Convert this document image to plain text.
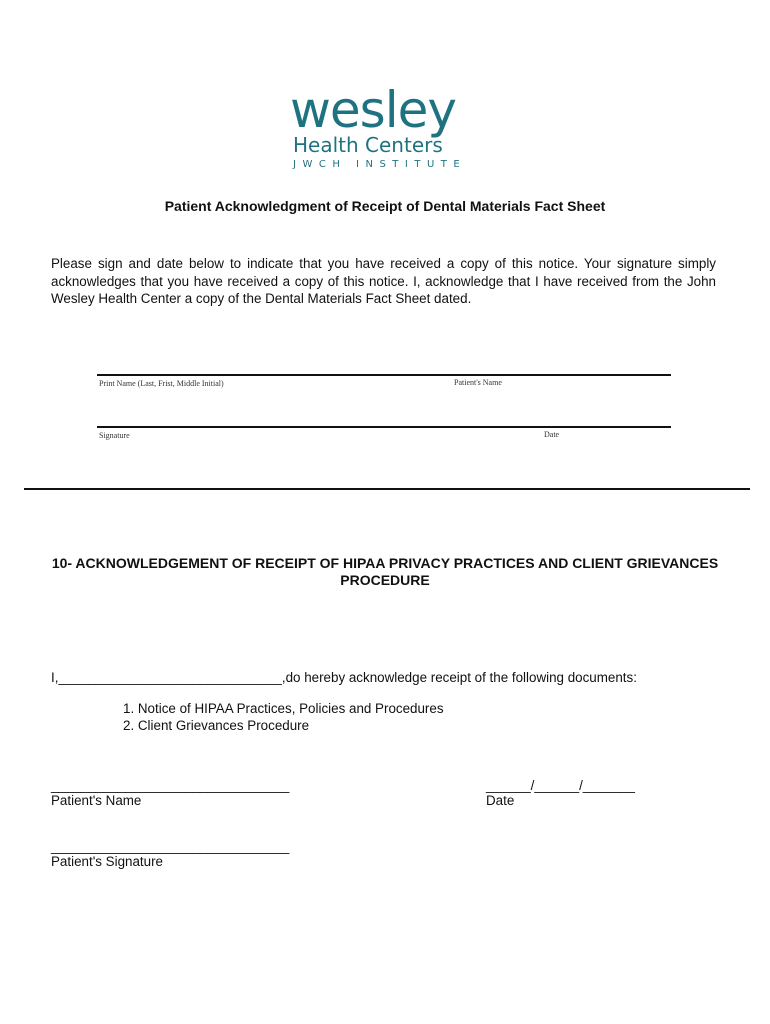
wesley
Health Centers
JWCH INSTITUTE
Patient Acknowledgment of Receipt of Dental Materials Fact Sheet
Please sign and date below to indicate that you have received a copy of this notice. Your signature simply acknowledges that you have received a copy of this notice. I, acknowledge that I have received from the John Wesley Health Center a copy of the Dental Materials Fact Sheet dated.
Print Name (Last, Frist, Middle Initial)	Patient's Name
Signature	Date
10- ACKNOWLEDGEMENT OF RECEIPT OF HIPAA PRIVACY PRACTICES AND CLIENT GRIEVANCES
PROCEDURE
I,______________________________,do hereby acknowledge receipt of the following documents:
1. Notice of HIPAA Practices, Policies and Procedures
2. Client Grievances Procedure
________________________________
Patient's Name
______/______/_______
Date
________________________________
Patient's Signature
